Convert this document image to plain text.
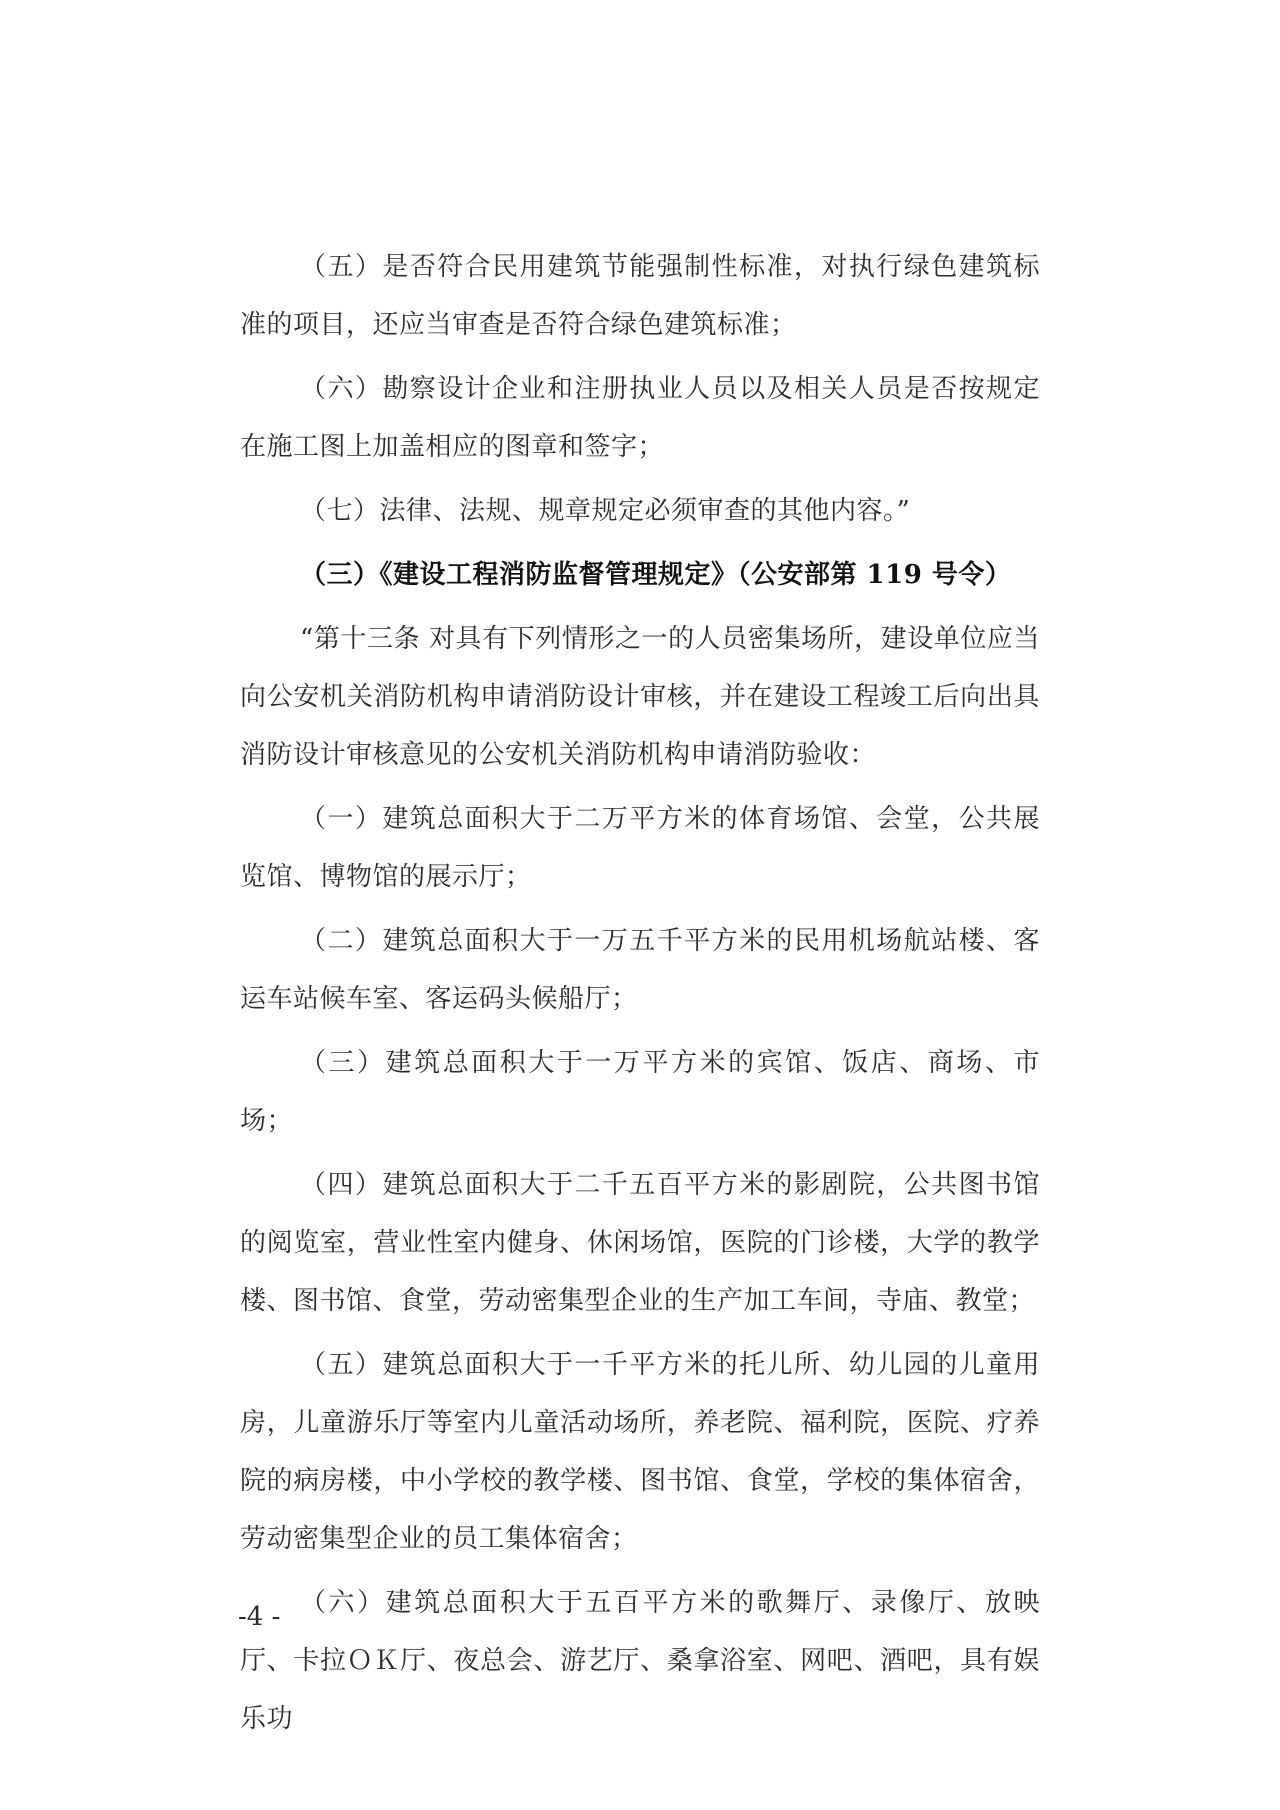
（五）是否符合民用建筑节能强制性标准，对执行绿色建筑标准的项目，还应当审查是否符合绿色建筑标准；

（六）勘察设计企业和注册执业人员以及相关人员是否按规定在施工图上加盖相应的图章和签字；

（七）法律、法规、规章规定必须审查的其他内容。”

（三）《建设工程消防监督管理规定》（公安部第 119 号令）

“第十三条 对具有下列情形之一的人员密集场所，建设单位应当向公安机关消防机构申请消防设计审核，并在建设工程竣工后向出具消防设计审核意见的公安机关消防机构申请消防验收：

（一）建筑总面积大于二万平方米的体育场馆、会堂，公共展览馆、博物馆的展示厅；

（二）建筑总面积大于一万五千平方米的民用机场航站楼、客运车站候车室、客运码头候船厅；

（三）建筑总面积大于一万平方米的宾馆、饭店、商场、市场；

（四）建筑总面积大于二千五百平方米的影剧院，公共图书馆的阅览室，营业性室内健身、休闲场馆，医院的门诊楼，大学的教学楼、图书馆、食堂，劳动密集型企业的生产加工车间，寺庙、教堂；

（五）建筑总面积大于一千平方米的托儿所、幼儿园的儿童用房，儿童游乐厅等室内儿童活动场所，养老院、福利院，医院、疗养院的病房楼，中小学校的教学楼、图书馆、食堂，学校的集体宿舍，劳动密集型企业的员工集体宿舍；

（六）建筑总面积大于五百平方米的歌舞厅、录像厅、放映厅、卡拉ＯＫ厅、夜总会、游艺厅、桑拿浴室、网吧、酒吧，具有娱乐功

-4 -
